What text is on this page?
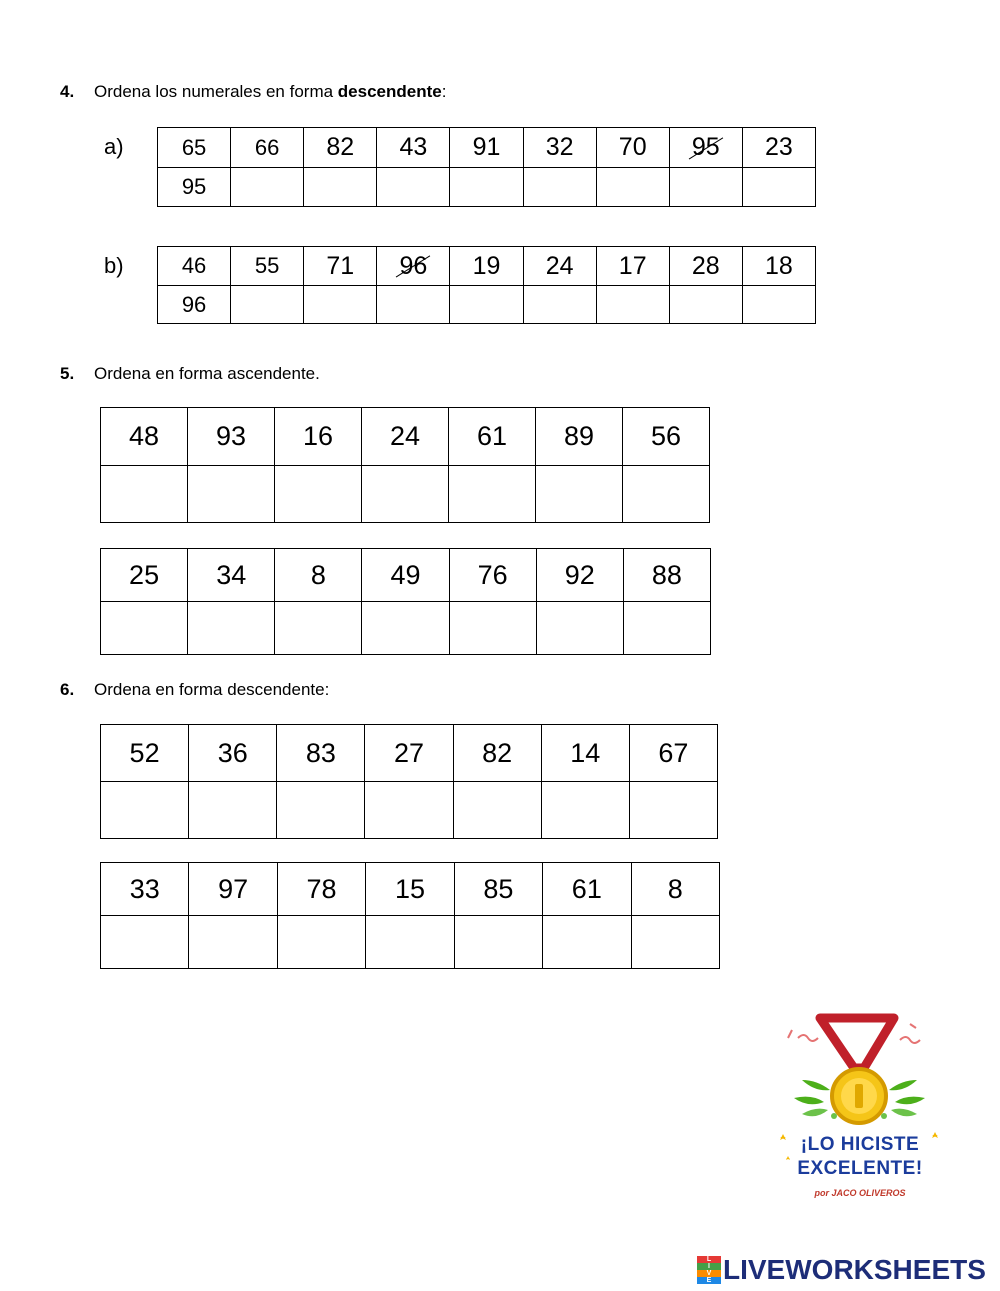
4. Ordena los numerales en forma descendente:
a)	65	66	82	43	91	32	70	95	23
95								
b)	46	55	71	96	19	24	17	28	18
96								
5. Ordena en forma ascendente.
48	93	16	24	61	89	56

25	34	8	49	76	92	88

6. Ordena en forma descendente:
52	36	83	27	82	14	67

33	97	78	15	85	61	8

¡LO HICISTE
EXCELENTE!
por JACO OLIVEROS
L
I
V
E LIVEWORKSHEETS
